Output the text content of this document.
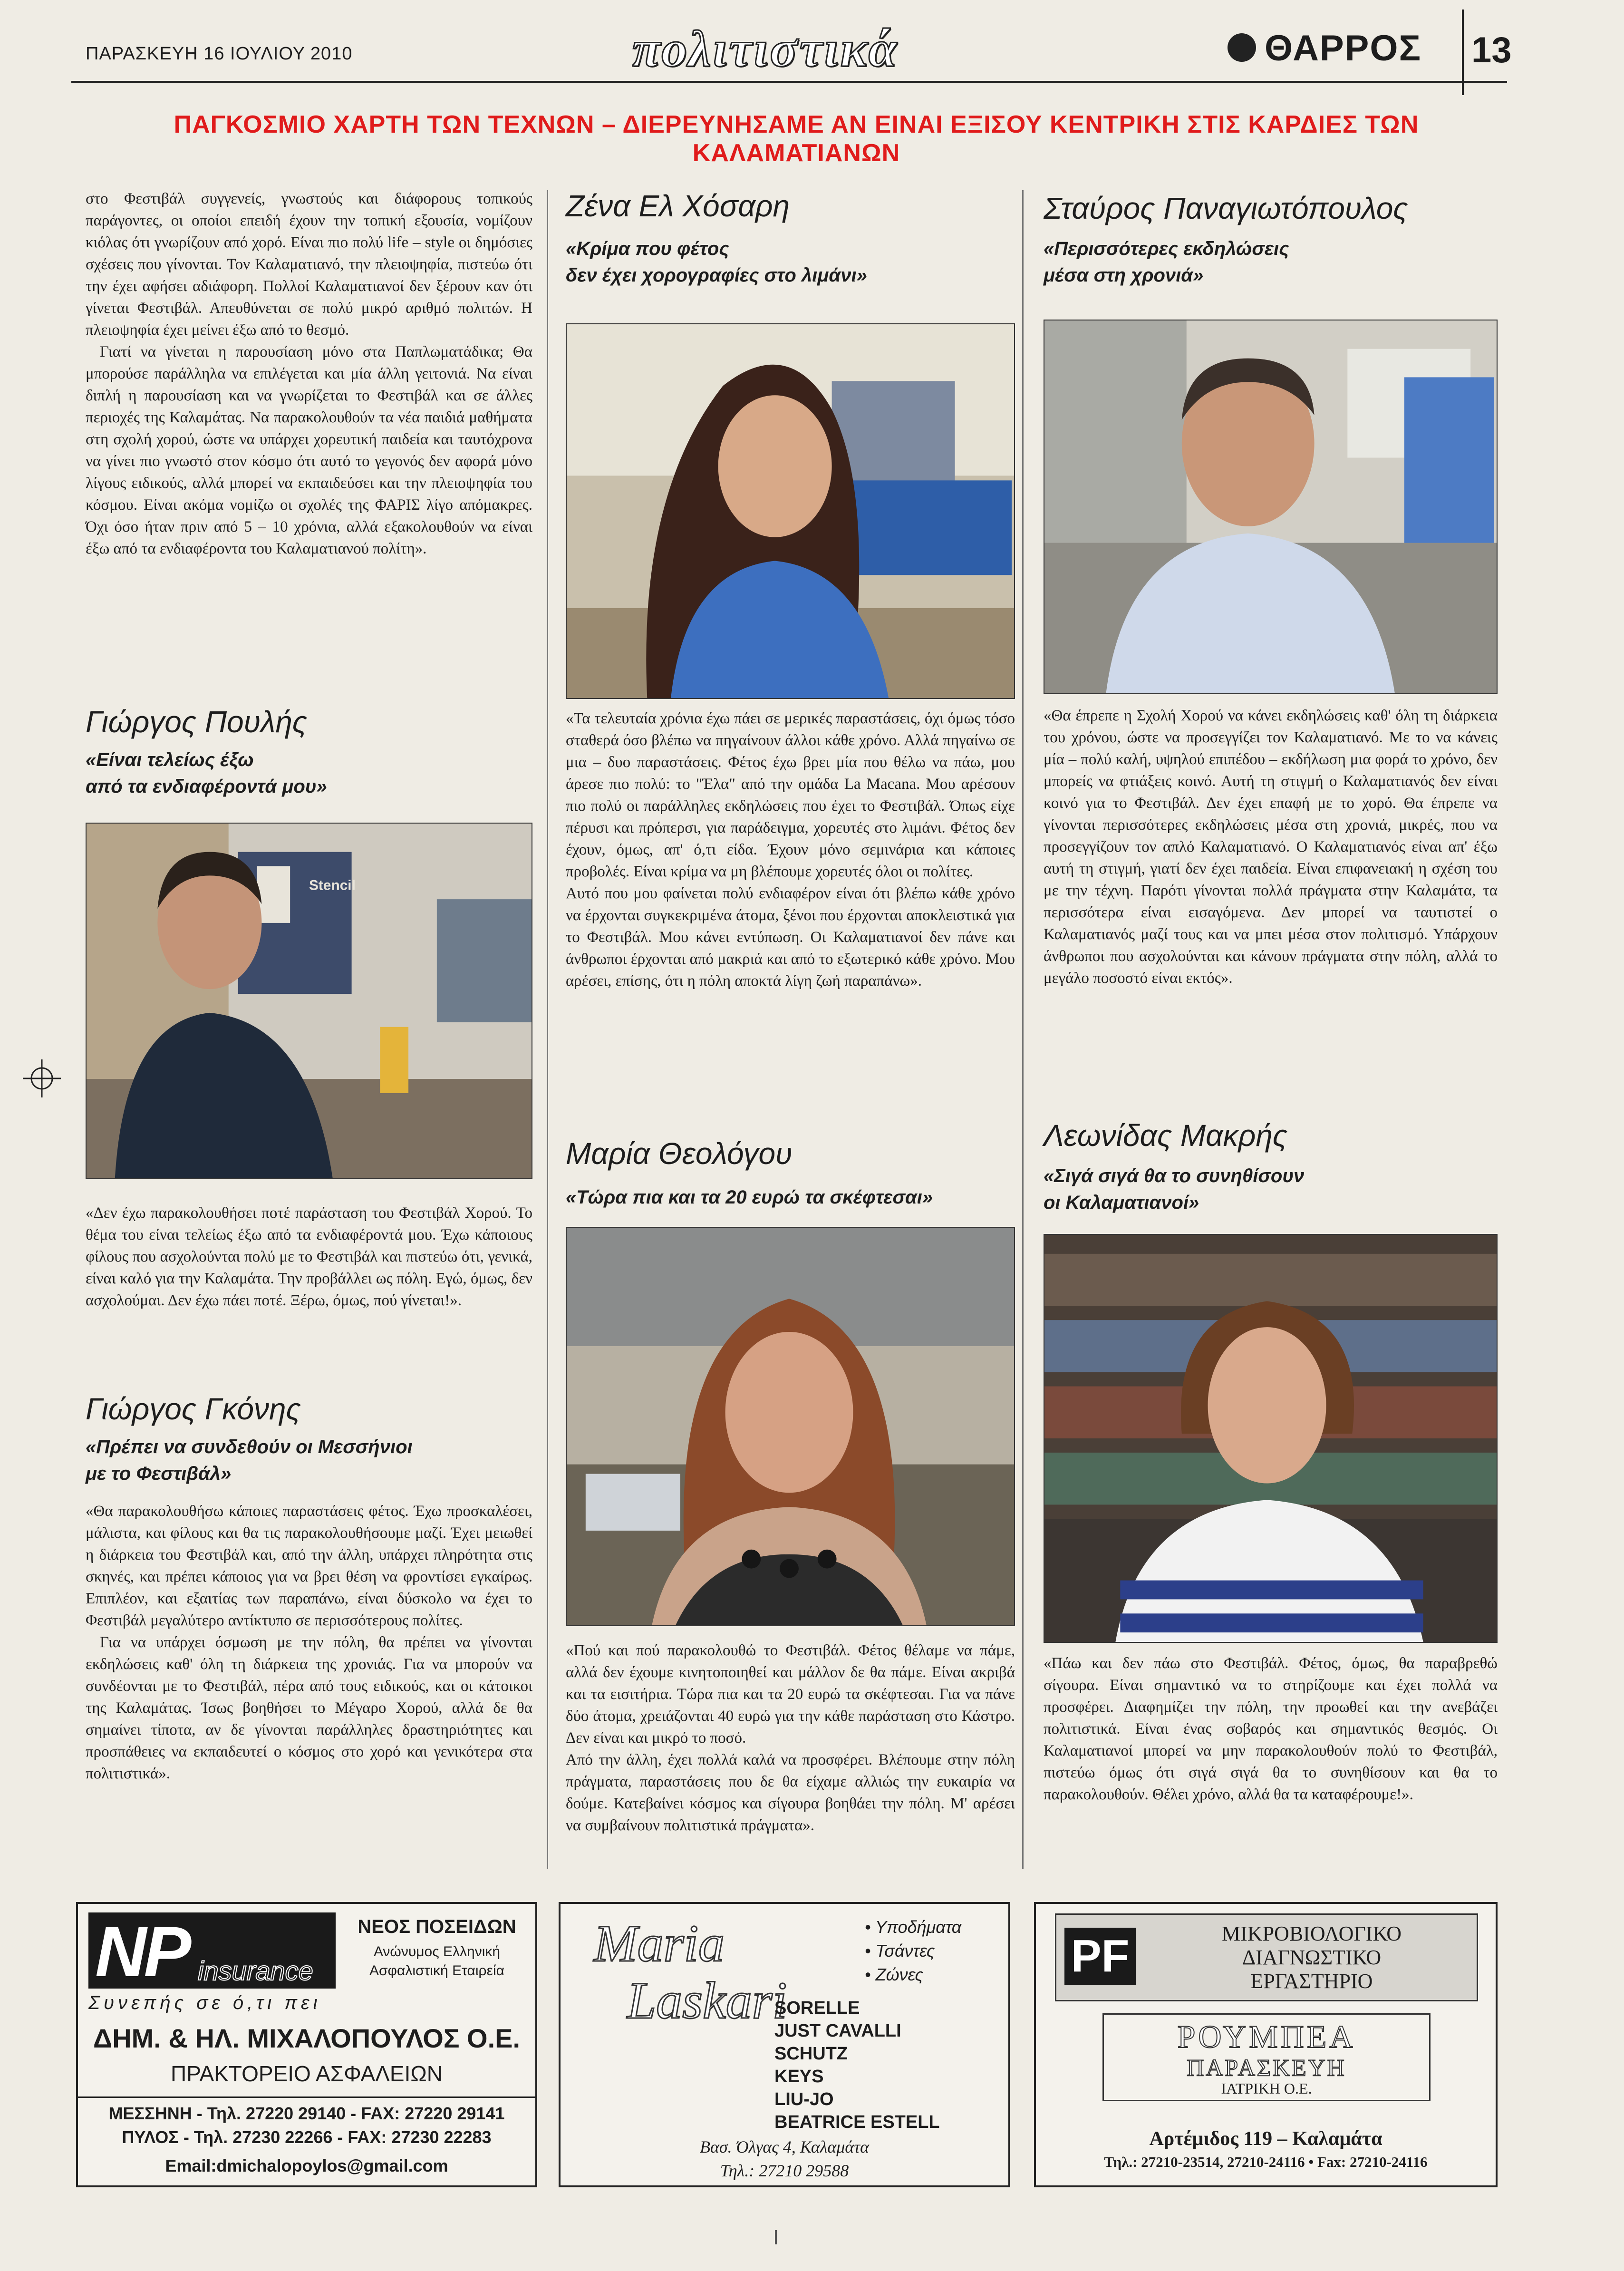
ΠΑΡΑΣΚΕΥΗ 16 ΙΟΥΛΙΟΥ 2010	πολιτιστικά	ΘΑΡΡΟΣ 13
ΠΑΓΚΟΣΜΙΟ ΧΑΡΤΗ ΤΩΝ ΤΕΧΝΩΝ – ΔΙΕΡΕΥΝΗΣΑΜΕ ΑΝ ΕΙΝΑΙ ΕΞΙΣΟΥ ΚΕΝΤΡΙΚΗ ΣΤΙΣ ΚΑΡΔΙΕΣ ΤΩΝ ΚΑΛΑΜΑΤΙΑΝΩΝ

στο Φεστιβάλ συγγενείς, γνωστούς και διάφορους τοπικούς παράγοντες, οι οποίοι επειδή έχουν την τοπική εξουσία, νομίζουν κιόλας ότι γνωρίζουν από χορό. Είναι πιο πολύ life – style οι δημόσιες σχέσεις που γίνονται. Τον Καλαματιανό, την πλειοψηφία, πιστεύω ότι την έχει αφήσει αδιάφορη. Πολλοί Καλαματιανοί δεν ξέρουν καν ότι γίνεται Φεστιβάλ. Απευθύνεται σε πολύ μικρό αριθμό πολιτών. Η πλειοψηφία έχει μείνει έξω από το θεσμό.

Γιατί να γίνεται η παρουσίαση μόνο στα Παπλωματάδικα; Θα μπορούσε παράλληλα να επιλέγεται και μία άλλη γειτονιά. Να είναι διπλή η παρουσίαση και να γνωρίζεται το Φεστιβάλ και σε άλλες περιοχές της Καλαμάτας. Να παρακολουθούν τα νέα παιδιά μαθήματα στη σχολή χορού, ώστε να υπάρχει χορευτική παιδεία και ταυτόχρονα να γίνει πιο γνωστό στον κόσμο ότι αυτό το γεγονός δεν αφορά μόνο λίγους ειδικούς, αλλά μπορεί να εκπαιδεύσει και την πλειοψηφία του κόσμου. Είναι ακόμα νομίζω οι σχολές της ΦΑΡΙΣ λίγο απόμακρες. Όχι όσο ήταν πριν από 5 – 10 χρόνια, αλλά εξακολουθούν να είναι έξω από τα ενδιαφέροντα του Καλαματιανού πολίτη».

Γιώργος Πουλής
«Είναι τελείως έξω
από τα ενδιαφέροντά μου»
Stencil

«Δεν έχω παρακολουθήσει ποτέ παράσταση του Φεστιβάλ Χορού. Το θέμα του είναι τελείως έξω από τα ενδιαφέροντά μου. Έχω κάποιους φίλους που ασχολούνται πολύ με το Φεστιβάλ και πιστεύω ότι, γενικά, είναι καλό για την Καλαμάτα. Την προβάλλει ως πόλη. Εγώ, όμως, δεν ασχολούμαι. Δεν έχω πάει ποτέ. Ξέρω, όμως, πού γίνεται!».

Γιώργος Γκόνης
«Πρέπει να συνδεθούν οι Μεσσήνιοι
με το Φεστιβάλ»

«Θα παρακολουθήσω κάποιες παραστάσεις φέτος. Έχω προσκαλέσει, μάλιστα, και φίλους και θα τις παρακολουθήσουμε μαζί. Έχει μειωθεί η διάρκεια του Φεστιβάλ και, από την άλλη, υπάρχει πληρότητα στις σκηνές, και πρέπει κάποιος για να βρει θέση να φροντίσει εγκαίρως. Επιπλέον, και εξαιτίας των παραπάνω, είναι δύσκολο να έχει το Φεστιβάλ μεγαλύτερο αντίκτυπο σε περισσότερους πολίτες.

Για να υπάρχει όσμωση με την πόλη, θα πρέπει να γίνονται εκδηλώσεις καθ' όλη τη διάρκεια της χρονιάς. Για να μπορούν να συνδέονται με το Φεστιβάλ, πέρα από τους ειδικούς, και οι κάτοικοι της Καλαμάτας. Ίσως βοηθήσει το Μέγαρο Χορού, αλλά δε θα σημαίνει τίποτα, αν δε γίνονται παράλληλες δραστηριότητες και προσπάθειες να εκπαιδευτεί ο κόσμος στο χορό και γενικότερα στα πολιτιστικά».

Ζένα Ελ Χόσαρη
«Κρίμα που φέτος
δεν έχει χορογραφίες στο λιμάνι»

«Τα τελευταία χρόνια έχω πάει σε μερικές παραστάσεις, όχι όμως τόσο σταθερά όσο βλέπω να πηγαίνουν άλλοι κάθε χρόνο. Αλλά πηγαίνω σε μια – δυο παραστάσεις. Φέτος έχω βρει μία που θέλω να πάω, μου άρεσε πιο πολύ: το "Έλα" από την ομάδα La Macana. Μου αρέσουν πιο πολύ οι παράλληλες εκδηλώσεις που έχει το Φεστιβάλ. Όπως είχε πέρυσι και πρόπερσι, για παράδειγμα, χορευτές στο λιμάνι. Φέτος δεν έχουν, όμως, απ' ό,τι είδα. Έχουν μόνο σεμινάρια και κάποιες προβολές. Είναι κρίμα να μη βλέπουμε χορευτές όλοι οι πολίτες.

Αυτό που μου φαίνεται πολύ ενδιαφέρον είναι ότι βλέπω κάθε χρόνο να έρχονται συγκεκριμένα άτομα, ξένοι που έρχονται αποκλειστικά για το Φεστιβάλ. Μου κάνει εντύπωση. Οι Καλαματιανοί δεν πάνε και άνθρωποι έρχονται από μακριά και από το εξωτερικό κάθε χρόνο. Μου αρέσει, επίσης, ότι η πόλη αποκτά λίγη ζωή παραπάνω».

Μαρία Θεολόγου
«Τώρα πια και τα 20 ευρώ τα σκέφτεσαι»

«Πού και πού παρακολουθώ το Φεστιβάλ. Φέτος θέλαμε να πάμε, αλλά δεν έχουμε κινητοποιηθεί και μάλλον δε θα πάμε. Είναι ακριβά και τα εισιτήρια. Τώρα πια και τα 20 ευρώ τα σκέφτεσαι. Για να πάνε δύο άτομα, χρειάζονται 40 ευρώ για την κάθε παράσταση στο Κάστρο. Δεν είναι και μικρό το ποσό.

Από την άλλη, έχει πολλά καλά να προσφέρει. Βλέπουμε στην πόλη πράγματα, παραστάσεις που δε θα είχαμε αλλιώς την ευκαιρία να δούμε. Κατεβαίνει κόσμος και σίγουρα βοηθάει την πόλη. Μ' αρέσει να συμβαίνουν πολιτιστικά πράγματα».

Σταύρος Παναγιωτόπουλος
«Περισσότερες εκδηλώσεις
μέσα στη χρονιά»

«Θα έπρεπε η Σχολή Χορού να κάνει εκδηλώσεις καθ' όλη τη διάρκεια του χρόνου, ώστε να προσεγγίζει τον Καλαματιανό. Με το να κάνεις μία – πολύ καλή, υψηλού επιπέδου – εκδήλωση μια φορά το χρόνο, δεν μπορείς να φτιάξεις κοινό. Αυτή τη στιγμή ο Καλαματιανός δεν είναι κοινό για το Φεστιβάλ. Δεν έχει επαφή με το χορό. Θα έπρεπε να γίνονται περισσότερες εκδηλώσεις μέσα στη χρονιά, μικρές, που να προσεγγίζουν τον απλό Καλαματιανό. Ο Καλαματιανός είναι απ' έξω αυτή τη στιγμή, γιατί δεν έχει παιδεία. Είναι επιφανειακή η σχέση του με την τέχνη. Παρότι γίνονται πολλά πράγματα στην Καλαμάτα, τα περισσότερα είναι εισαγόμενα. Δεν μπορεί να ταυτιστεί ο Καλαματιανός μαζί τους και να μπει μέσα στον πολιτισμό. Υπάρχουν άνθρωποι που ασχολούνται και κάνουν πράγματα στην πόλη, αλλά το μεγάλο ποσοστό είναι εκτός».

Λεωνίδας Μακρής
«Σιγά σιγά θα το συνηθίσουν
οι Καλαματιανοί»

«Πάω και δεν πάω στο Φεστιβάλ. Φέτος, όμως, θα παραβρεθώ σίγουρα. Είναι σημαντικό να το στηρίζουμε και έχει πολλά να προσφέρει. Διαφημίζει την πόλη, την προωθεί και την ανεβάζει πολιτιστικά. Είναι ένας σοβαρός και σημαντικός θεσμός. Οι Καλαματιανοί μπορεί να μην παρακολουθούν πολύ το Φεστιβάλ, πιστεύω όμως ότι σιγά σιγά θα το συνηθίσουν και θα το παρακολουθούν. Θέλει χρόνο, αλλά θα τα καταφέρουμε!».

NP insurance
Συνεπής σε ό,τι πει
ΝΕΟΣ ΠΟΣΕΙΔΩΝ
Ανώνυμος Ελληνική
Ασφαλιστική Εταιρεία
ΔΗΜ. & ΗΛ. ΜΙΧΑΛΟΠΟΥΛΟΣ Ο.Ε.
ΠΡΑΚΤΟΡΕΙΟ ΑΣΦΑΛΕΙΩΝ
ΜΕΣΣΗΝΗ - Τηλ. 27220 29140 - FAX: 27220 29141
ΠΥΛΟΣ - Τηλ. 27230 22266 - FAX: 27230 22283
Email:dmichalopoylos@gmail.com
Maria
Laskari
• Υποδήματα
• Τσάντες
• Ζώνες
SORELLE
JUST CAVALLI
SCHUTZ
KEYS
LIU-JO
BEATRICE ESTELL
Βασ. Όλγας 4, Καλαμάτα
Τηλ.: 27210 29588
PF	ΜΙΚΡΟΒΙΟΛΟΓΙΚΟ
ΔΙΑΓΝΩΣΤΙΚΟ
ΕΡΓΑΣΤΗΡΙΟ
ΡΟΥΜΠΕΑ
ΠΑΡΑΣΚΕΥΗ
ΙΑΤΡΙΚΗ Ο.Ε.
Αρτέμιδος 119 – Καλαμάτα
Τηλ.: 27210-23514, 27210-24116 • Fax: 27210-24116
